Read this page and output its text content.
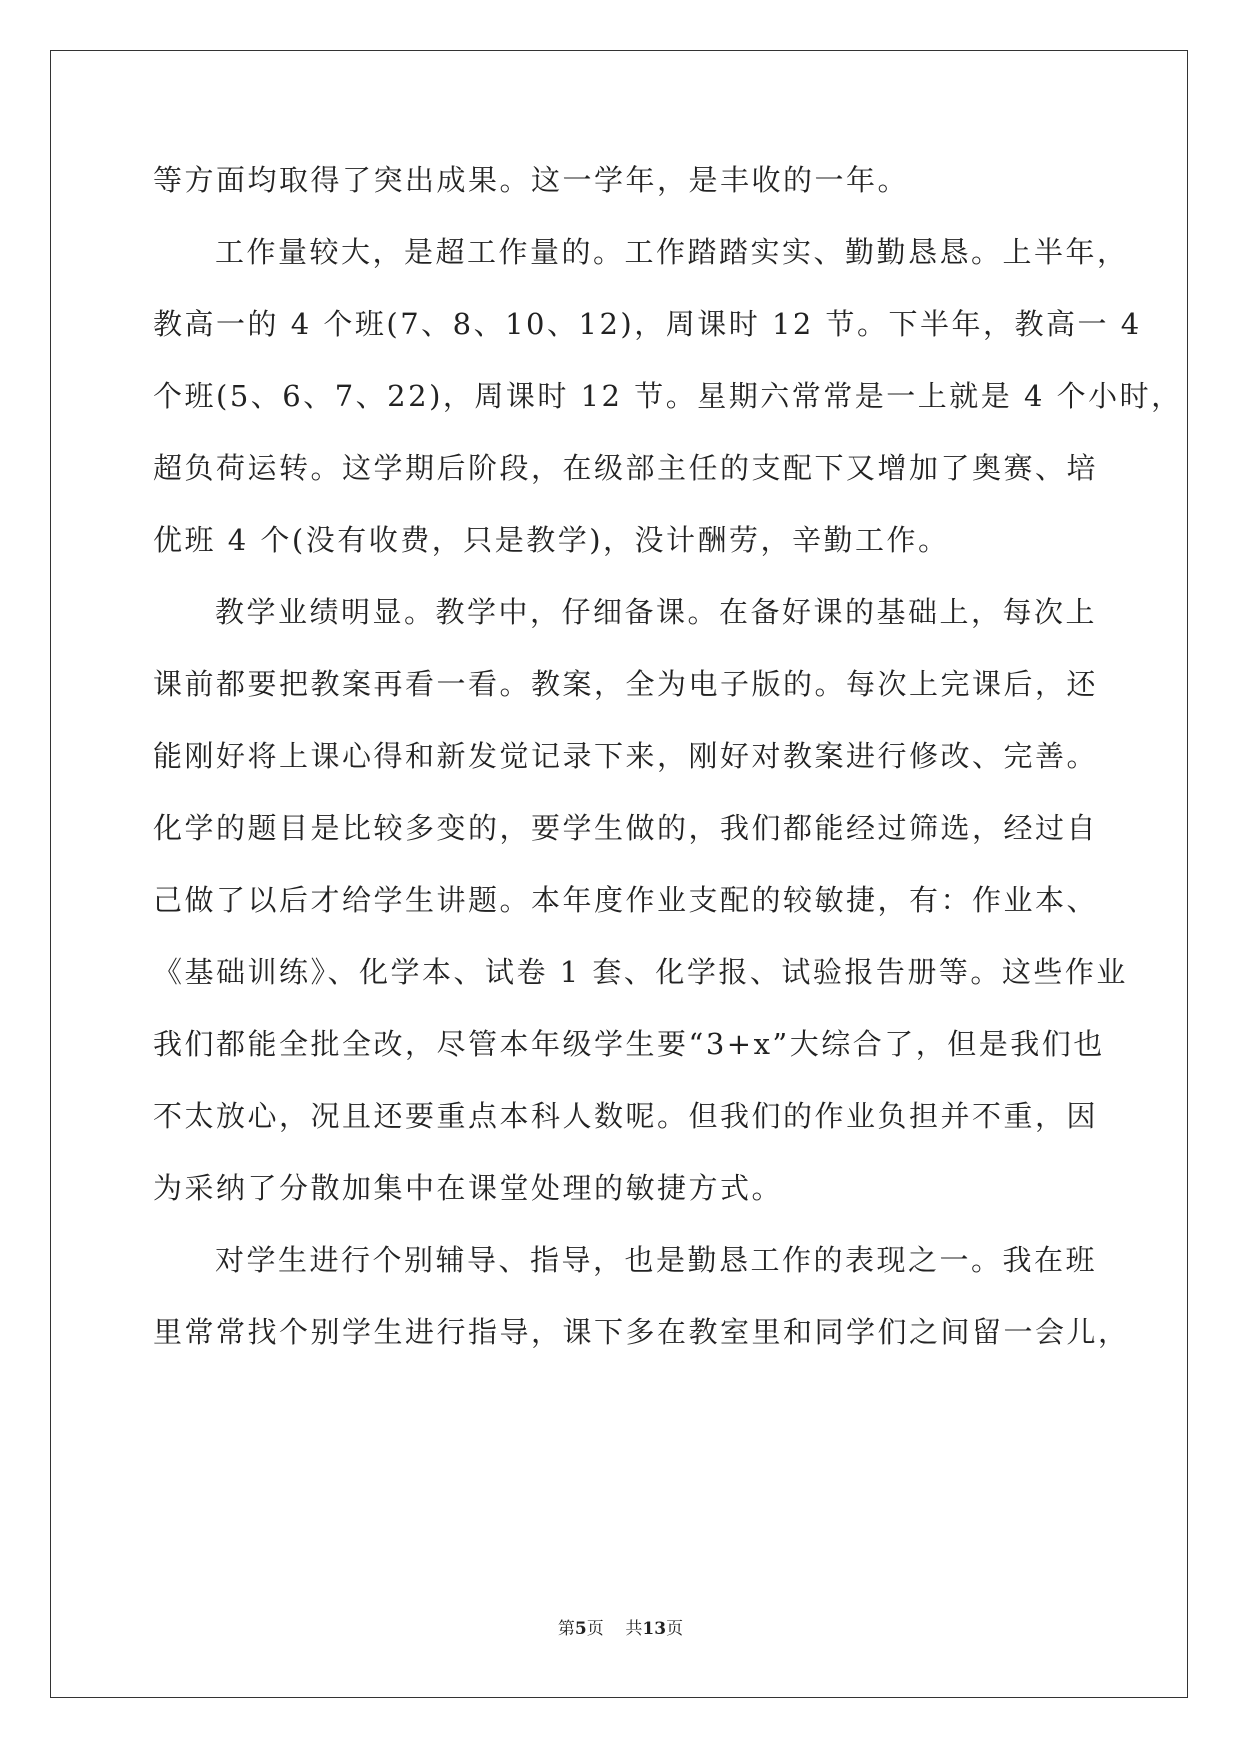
等方面均取得了突出成果。这一学年，是丰收的一年。
工作量较大，是超工作量的。工作踏踏实实、勤勤恳恳。上半年，
教高一的 4 个班(7、8、10、12)，周课时 12 节。下半年，教高一 4
个班(5、6、7、22)，周课时 12 节。星期六常常是一上就是 4 个小时，
超负荷运转。这学期后阶段，在级部主任的支配下又增加了奥赛、培
优班 4 个(没有收费，只是教学)，没计酬劳，辛勤工作。
教学业绩明显。教学中，仔细备课。在备好课的基础上，每次上
课前都要把教案再看一看。教案，全为电子版的。每次上完课后，还
能刚好将上课心得和新发觉记录下来，刚好对教案进行修改、完善。
化学的题目是比较多变的，要学生做的，我们都能经过筛选，经过自
己做了以后才给学生讲题。本年度作业支配的较敏捷，有：作业本、
《基础训练》、化学本、试卷 1 套、化学报、试验报告册等。这些作业
我们都能全批全改，尽管本年级学生要“3+x”大综合了，但是我们也
不太放心，况且还要重点本科人数呢。但我们的作业负担并不重，因
为采纳了分散加集中在课堂处理的敏捷方式。
对学生进行个别辅导、指导，也是勤恳工作的表现之一。我在班
里常常找个别学生进行指导，课下多在教室里和同学们之间留一会儿，
第5页 共13页
